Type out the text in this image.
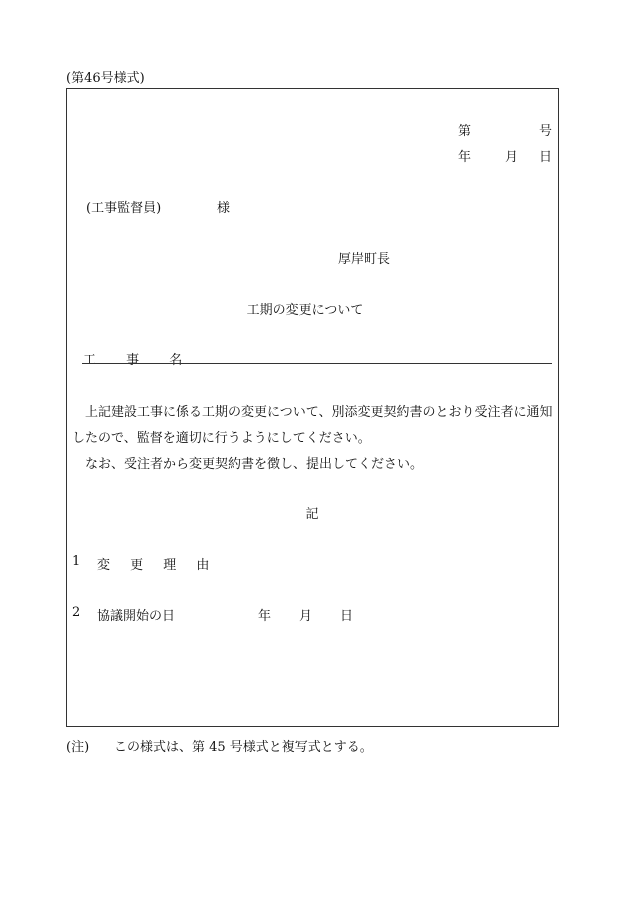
(第46号様式)
第	号
年	月 日
(工事監督員)	様
厚岸町長
工期の変更について
工 事 名

上記建設工事に係る工期の変更について、別添変更契約書のとおり受注者に通知したので、監督を適切に行うようにしてください。

なお、受注者から変更契約書を徴し、提出してください。

記
1 変 更 理 由
2 協議開始の日	年 月 日
(注) この様式は、第 45 号様式と複写式とする。
